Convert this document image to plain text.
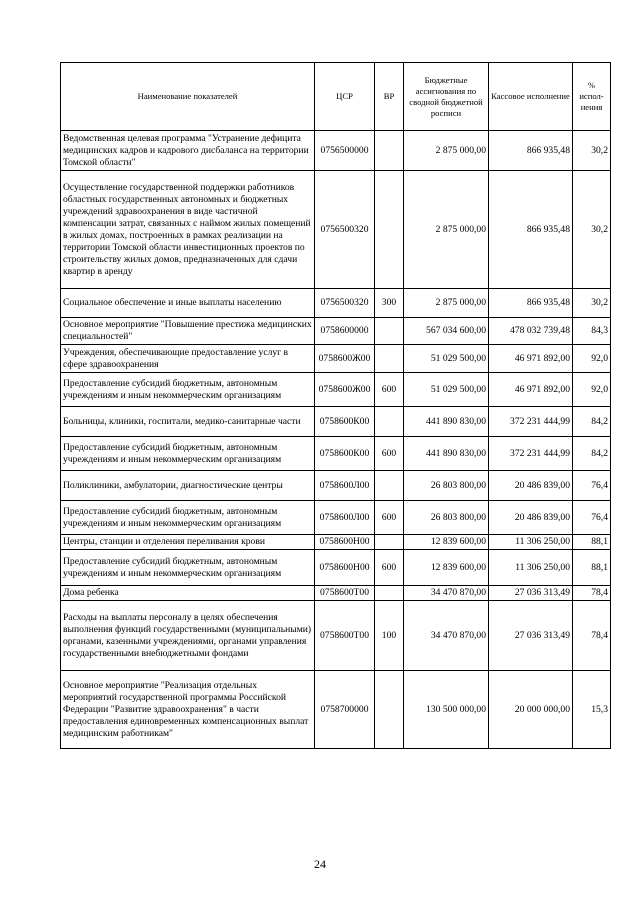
Наименование показателей	ЦСР	ВР	Бюджетные ассигнования по сводной бюджетной росписи	Кассовое исполнение	% испол-нения
Ведомственная целевая программа "Устранение дефицита медицинских кадров и кадрового дисбаланса на территории Томской области"	0756500000		2 875 000,00	866 935,48	30,2
Осуществление государственной поддержки работников областных государственных автономных и бюджетных учреждений здравоохранения в виде частичной компенсации затрат, связанных с наймом жилых помещений в жилых домах, построенных в рамках реализации на территории Томской области инвестиционных проектов по строительству жилых домов, предназначенных для сдачи квартир в аренду	0756500320		2 875 000,00	866 935,48	30,2
Социальное обеспечение и иные выплаты населению	0756500320	300	2 875 000,00	866 935,48	30,2
Основное мероприятие "Повышение престижа медицинских специальностей"	0758600000		567 034 600,00	478 032 739,48	84,3
Учреждения, обеспечивающие предоставление услуг в сфере здравоохранения	0758600Ж00		51 029 500,00	46 971 892,00	92,0
Предоставление субсидий бюджетным, автономным учреждениям и иным некоммерческим организациям	0758600Ж00	600	51 029 500,00	46 971 892,00	92,0
Больницы, клиники, госпитали, медико-санитарные части	0758600К00		441 890 830,00	372 231 444,99	84,2
Предоставление субсидий бюджетным, автономным учреждениям и иным некоммерческим организациям	0758600К00	600	441 890 830,00	372 231 444,99	84,2
Поликлиники, амбулатории, диагностические центры	0758600Л00		26 803 800,00	20 486 839,00	76,4
Предоставление субсидий бюджетным, автономным учреждениям и иным некоммерческим организациям	0758600Л00	600	26 803 800,00	20 486 839,00	76,4
Центры, станции и отделения переливания крови	0758600Н00		12 839 600,00	11 306 250,00	88,1
Предоставление субсидий бюджетным, автономным учреждениям и иным некоммерческим организациям	0758600Н00	600	12 839 600,00	11 306 250,00	88,1
Дома ребенка	0758600Т00		34 470 870,00	27 036 313,49	78,4
Расходы на выплаты персоналу в целях обеспечения выполнения функций государственными (муниципальными) органами, казенными учреждениями, органами управления государственными внебюджетными фондами	0758600Т00	100	34 470 870,00	27 036 313,49	78,4
Основное мероприятие "Реализация отдельных мероприятий государственной программы Российской Федерации "Развитие здравоохранения" в части предоставления единовременных компенсационных выплат медицинским работникам"	0758700000		130 500 000,00	20 000 000,00	15,3
24
